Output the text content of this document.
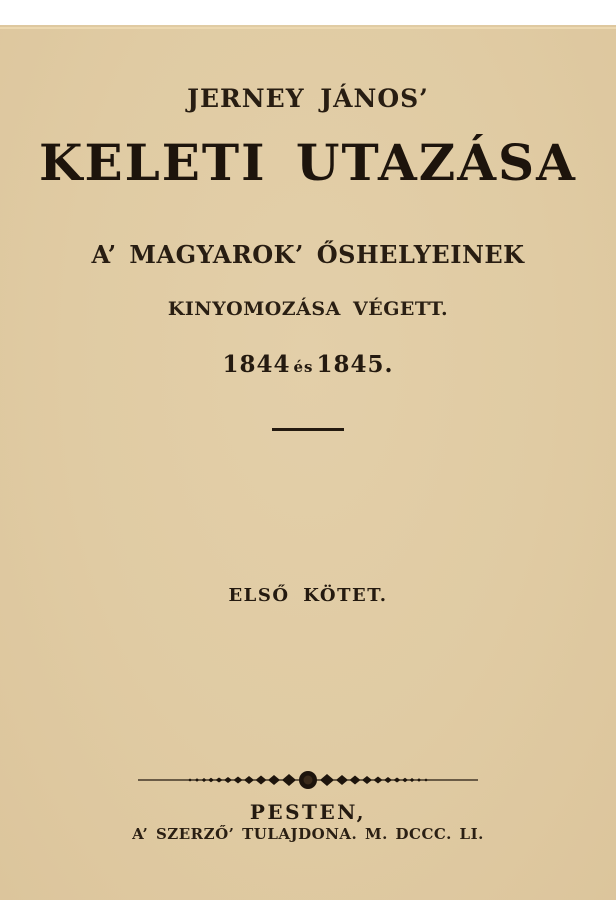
JERNEY JÁNOS’
KELETI UTAZÁSA
A’ MAGYAROK’ ŐSHELYEINEK
KINYOMOZÁSA VÉGETT.
1844 és 1845.
ELSŐ KÖTET.
PESTEN,
A’ SZERZŐ’ TULAJDONA. M. DCCC. LI.
